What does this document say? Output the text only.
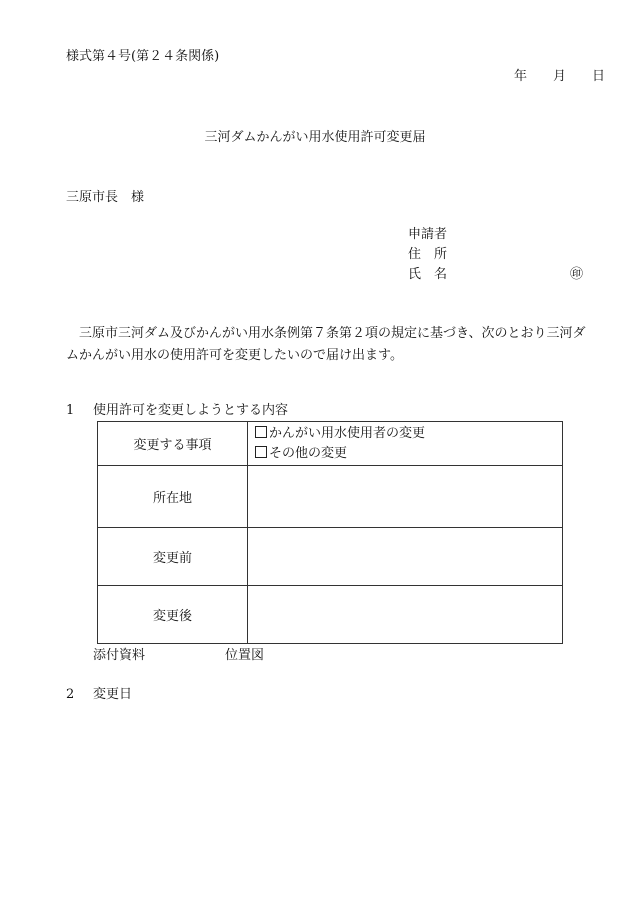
様式第４号(第２４条関係)
年 月 日
三河ダムかんがい用水使用許可変更届
三原市長　様
申請者
住　所
氏　名	㊞
三原市三河ダム及びかんがい用水条例第７条第２項の規定に基づき、次のとおり三河ダムかんがい用水の使用許可を変更したいので届け出ます。
1 使用許可を変更しようとする内容
変更する事項	かんがい用水使用者の変更
その他の変更

所在地	
変更前	
変更後	
添付資料	位置図
2 変更日
